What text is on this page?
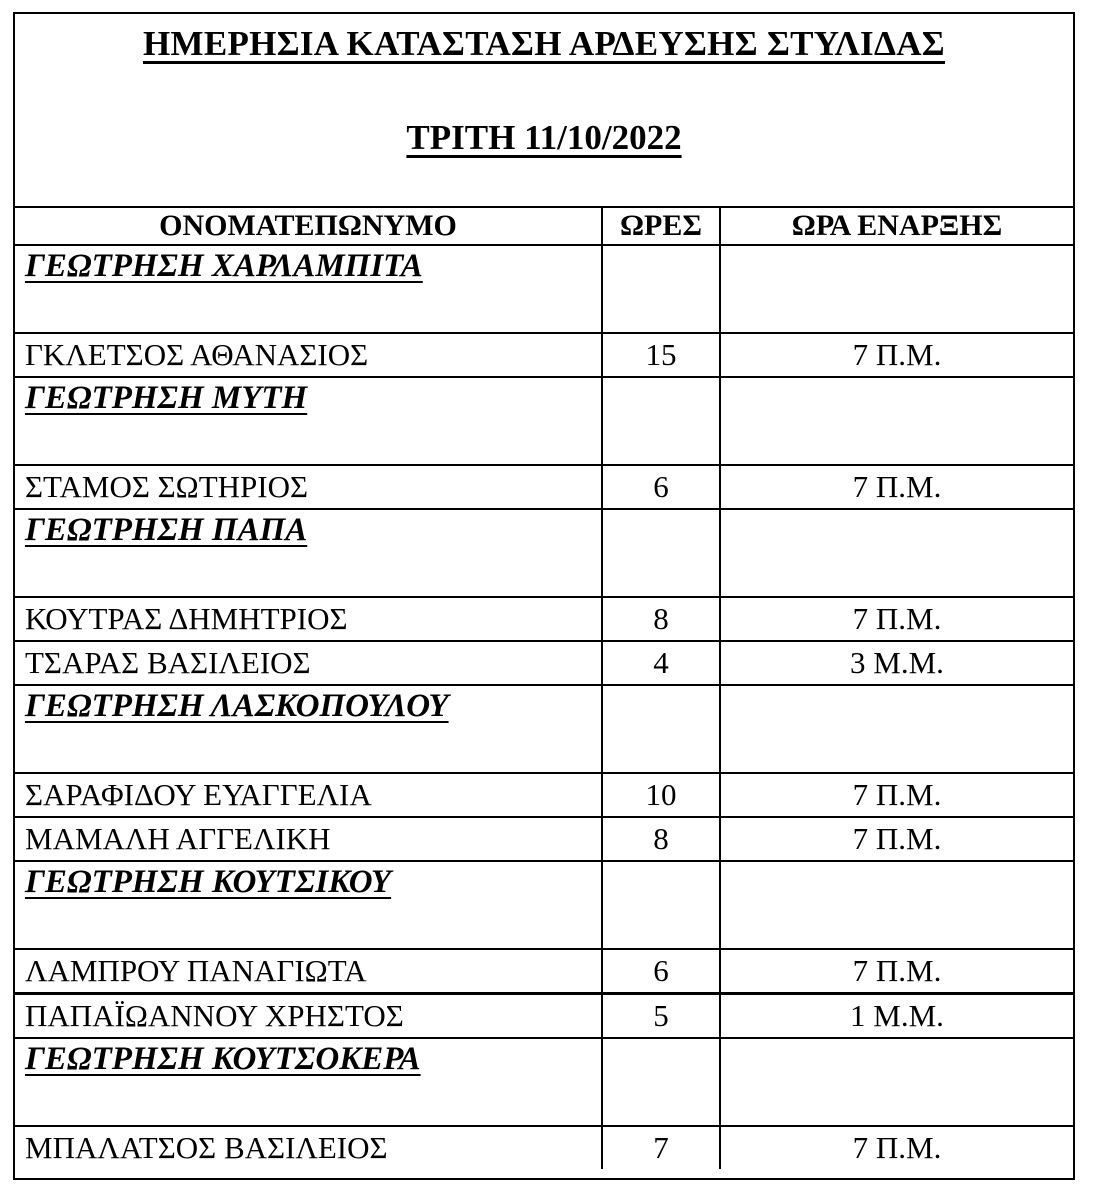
ΗΜΕΡΗΣΙΑ ΚΑΤΑΣΤΑΣΗ ΑΡΔΕΥΣΗΣ ΣΤΥΛΙΔΑΣ
ΤΡΙΤΗ 11/10/2022
ΟΝΟΜΑΤΕΠΩΝΥΜΟ	ΩΡΕΣ	ΩΡΑ ΕΝΑΡΞΗΣ
ΓΕΩΤΡΗΣΗ ΧΑΡΛΑΜΠΙΤΑ		
ΓΚΛΕΤΣΟΣ ΑΘΑΝΑΣΙΟΣ	15	7 Π.Μ.
ΓΕΩΤΡΗΣΗ ΜΥΤΗ		
ΣΤΑΜΟΣ ΣΩΤΗΡΙΟΣ	6	7 Π.Μ.
ΓΕΩΤΡΗΣΗ ΠΑΠΑ		
ΚΟΥΤΡΑΣ ΔΗΜΗΤΡΙΟΣ	8	7 Π.Μ.
ΤΣΑΡΑΣ ΒΑΣΙΛΕΙΟΣ	4	3 Μ.Μ.
ΓΕΩΤΡΗΣΗ ΛΑΣΚΟΠΟΥΛΟΥ		
ΣΑΡΑΦΙΔΟΥ ΕΥΑΓΓΕΛΙΑ	10	7 Π.Μ.
ΜΑΜΑΛΗ ΑΓΓΕΛΙΚΗ	8	7 Π.Μ.
ΓΕΩΤΡΗΣΗ ΚΟΥΤΣΙΚΟΥ		
ΛΑΜΠΡΟΥ ΠΑΝΑΓΙΩΤΑ	6	7 Π.Μ.
ΠΑΠΑΪΩΑΝΝΟΥ ΧΡΗΣΤΟΣ	5	1 Μ.Μ.
ΓΕΩΤΡΗΣΗ ΚΟΥΤΣΟΚΕΡΑ		
ΜΠΑΛΑΤΣΟΣ ΒΑΣΙΛΕΙΟΣ	7	7 Π.Μ.
